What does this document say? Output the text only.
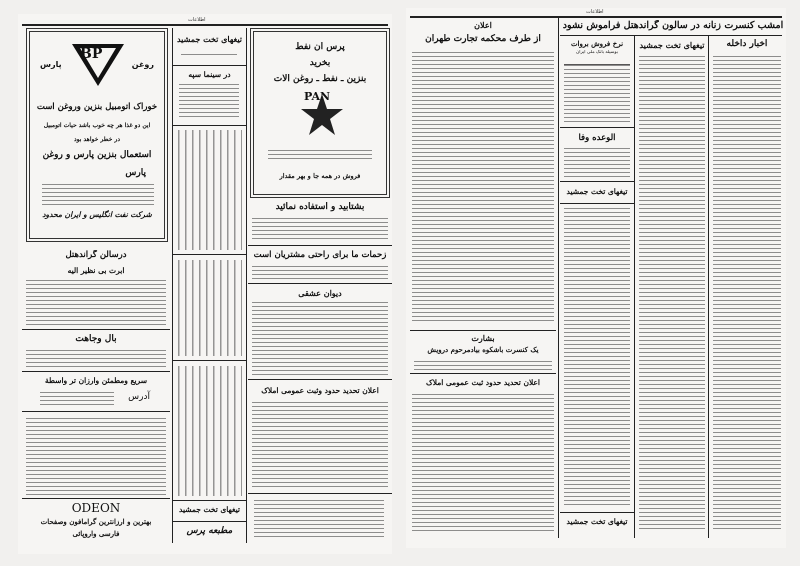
اطلاعات
BP
پارس	روغن
خوراک اتومبیل بنزین وروغن است
این دو غذا هر چه خوب باشد حیات اتومبیل
در خطر خواهد بود
استعمال بنزین پارس و روغن
پارس
شرکت نفت انگلیس و ایران محدود
تیغهای تخت جمشید
در سینما سپه
تیغهای تخت جمشید
مطبعه پرس
پرس آن نفط
بخرید
بنزین ـ نفط ـ روغن آلات
PAN
فروش در همه جا و بهر مقدار
بشتابید و استفاده نمائید
زحمات ما برای راحتی مشتریان است
دیوان عشقی
اعلان تحدید حدود وثبت عمومی املاک
درسالن گراندهتل
ابرت بی نظیر الیه
بال وجاهت
سریع ومطمئن وارزان تر واسطة
آدرس
ODEON
بهترین و ارزانترین گرامافون وصفحات
فارسی واروپائی
اطلاعات
امشب کنسرت زنانه در سالون گراندهتل فراموش نشود
اعلان
از طرف محکمه تجارت طهران
بشارت
یک کنسرت باشکوه بیادمرحوم درویش
اعلان تحدید حدود ثبت عمومی املاک
نرخ فروش بروات
بوسیله بانک ملی ایران
الوعده وفا
تیغهای تخت جمشید
تیغهای تخت جمشید
تیغهای تخت جمشید	اخبار داخله
